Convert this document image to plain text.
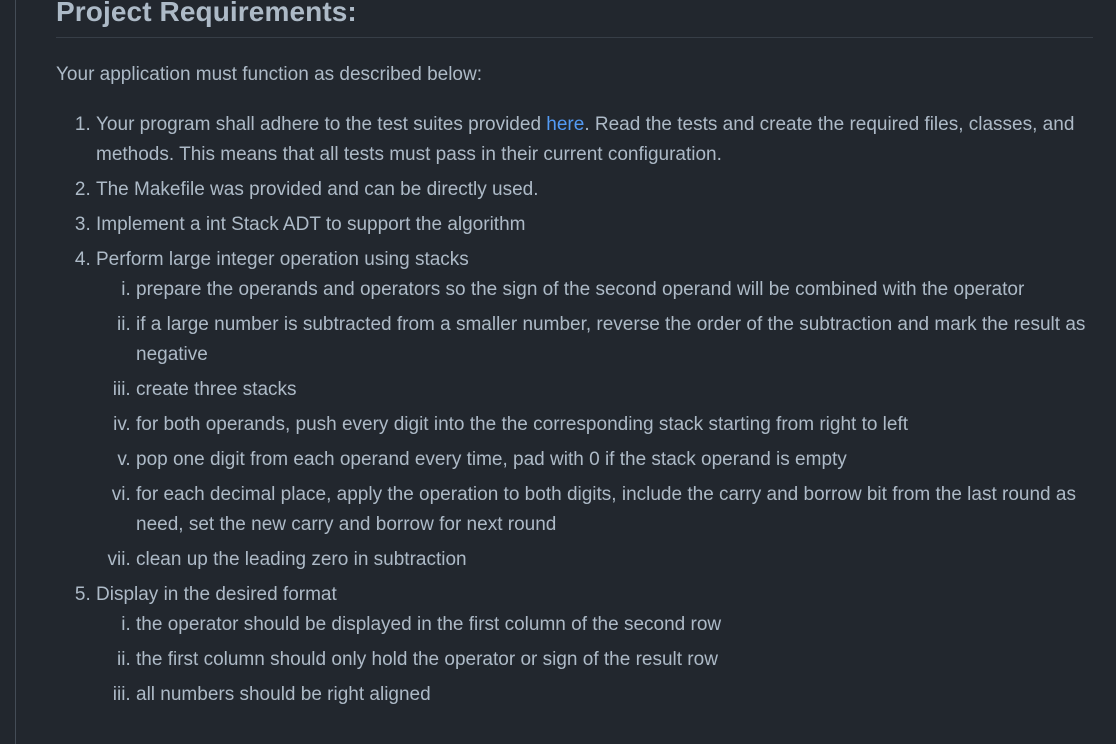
Project Requirements:

Your application must function as described below:

1. Your program shall adhere to the test suites provided here. Read the tests and create the required files, classes, and methods. This means that all tests must pass in their current configuration.
2. The Makefile was provided and can be directly used.
3. Implement a int Stack ADT to support the algorithm
4. Perform large integer operation using stacks
i. prepare the operands and operators so the sign of the second operand will be combined with the operator
ii. if a large number is subtracted from a smaller number, reverse the order of the subtraction and mark the result as negative
iii. create three stacks
iv. for both operands, push every digit into the the corresponding stack starting from right to left
v. pop one digit from each operand every time, pad with 0 if the stack operand is empty
vi. for each decimal place, apply the operation to both digits, include the carry and borrow bit from the last round as need, set the new carry and borrow for next round
vii. clean up the leading zero in subtraction
5. Display in the desired format
i. the operator should be displayed in the first column of the second row
ii. the first column should only hold the operator or sign of the result row
iii. all numbers should be right aligned
